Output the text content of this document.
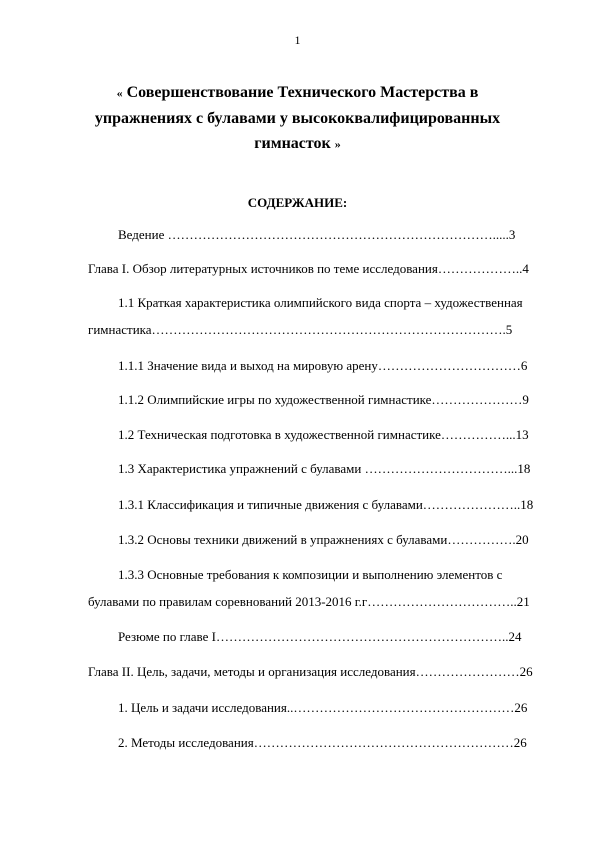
1
« Совершенствование Технического Мастерства в
упражнениях с булавами у высококвалифицированных
гимнасток »
СОДЕРЖАНИЕ:
Ведение ………………………………………………………………….....3
Глава I. Обзор литературных источников по теме исследования………………..4
1.1 Краткая характеристика олимпийского вида спорта – художественная
гимнастика……………………………………………………………………….5
1.1.1 Значение вида и выход на мировую арену……………………………6
1.1.2 Олимпийские игры по художественной гимнастике…………………9
1.2 Техническая подготовка в художественной гимнастике……………...13
1.3 Характеристика упражнений с булавами ……………………………...18
1.3.1 Классификация и типичные движения с булавами…………………..18
1.3.2 Основы техники движений в упражнениях с булавами…………….20
1.3.3 Основные требования к композиции и выполнению элементов с
булавами по правилам соревнований 2013-2016 г.г……………………………..21
Резюме по главе I…………………………………………………………..24
Глава II. Цель, задачи, методы и организация исследования……………………26
1. Цель и задачи исследования..……………………………………………26
2. Методы исследования……………………………………………………26
